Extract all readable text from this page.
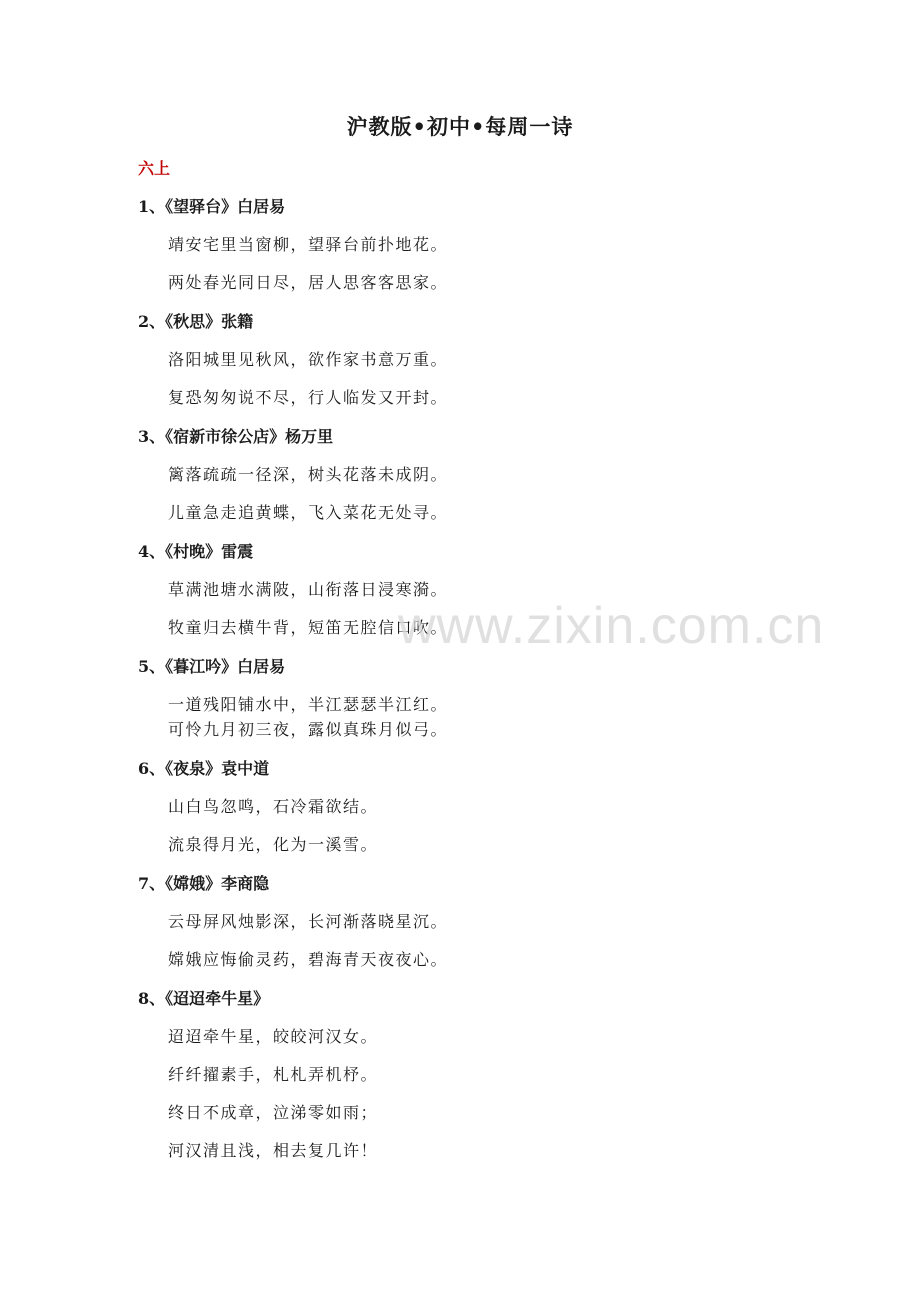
沪教版•初中•每周一诗
六上
1、《望驿台》白居易
靖安宅里当窗柳，望驿台前扑地花。
两处春光同日尽，居人思客客思家。
2、《秋思》张籍
洛阳城里见秋风，欲作家书意万重。
复恐匆匆说不尽，行人临发又开封。
3、《宿新市徐公店》杨万里
篱落疏疏一径深，树头花落未成阴。
儿童急走追黄蝶，飞入菜花无处寻。
4、《村晚》雷震
草满池塘水满陂，山衔落日浸寒漪。
牧童归去横牛背，短笛无腔信口吹。
5、《暮江吟》白居易
一道残阳铺水中，半江瑟瑟半江红。
可怜九月初三夜，露似真珠月似弓。
6、《夜泉》袁中道
山白鸟忽鸣，石冷霜欲结。
流泉得月光，化为一溪雪。
7、《嫦娥》李商隐
云母屏风烛影深，长河渐落晓星沉。
嫦娥应悔偷灵药，碧海青天夜夜心。
8、《迢迢牵牛星》
迢迢牵牛星，皎皎河汉女。
纤纤擢素手，札札弄机杼。
终日不成章，泣涕零如雨；
河汉清且浅，相去复几许！
www.zixin.com.cn
